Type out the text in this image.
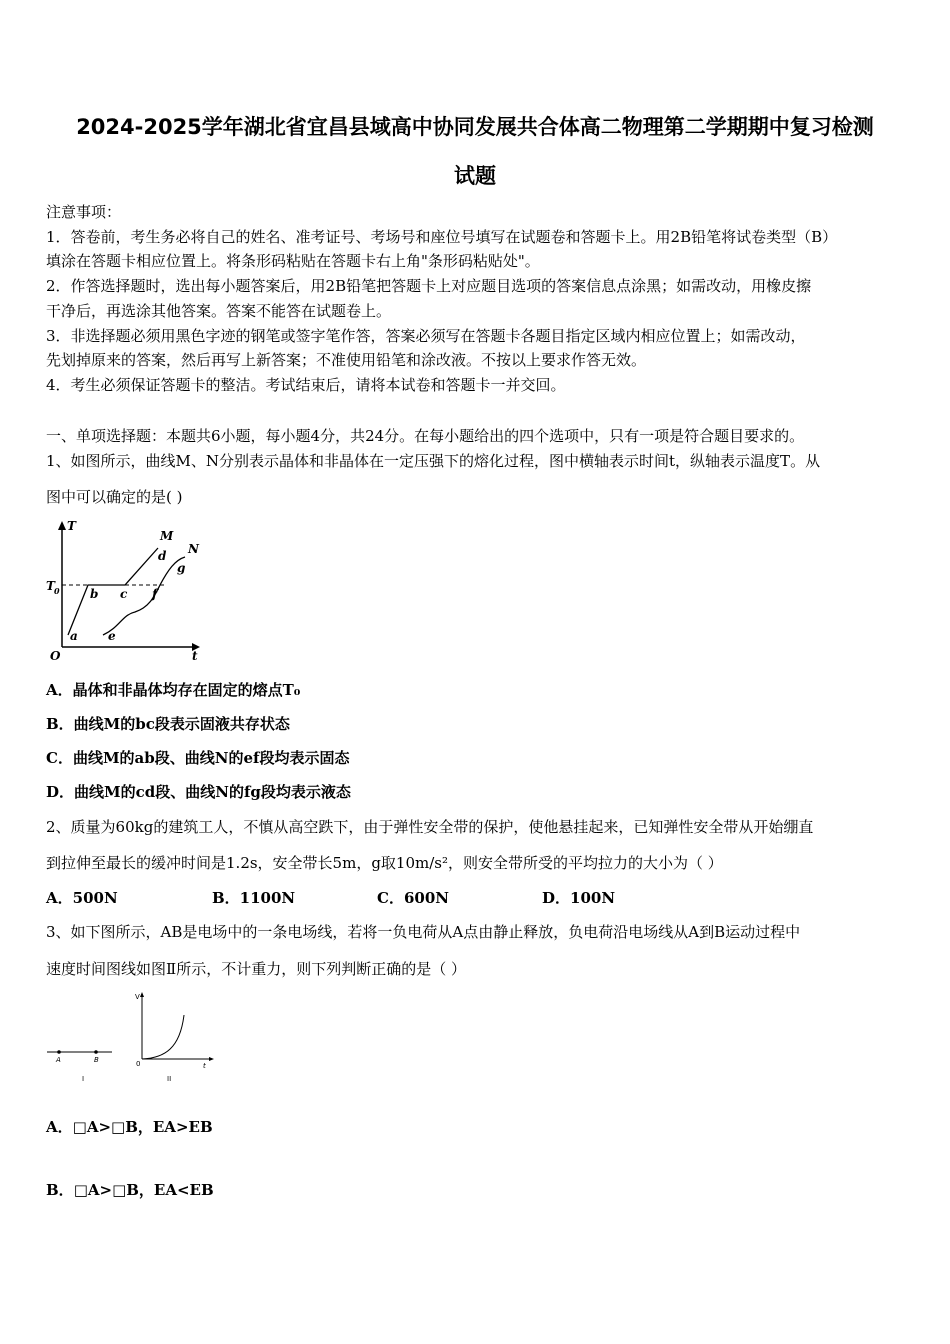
2024-2025学年湖北省宜昌县域高中协同发展共合体高二物理第二学期期中复习检测
试题
注意事项：
1．答卷前，考生务必将自己的姓名、准考证号、考场号和座位号填写在试题卷和答题卡上。用2B铅笔将试卷类型（B）
填涂在答题卡相应位置上。将条形码粘贴在答题卡右上角"条形码粘贴处"。
2．作答选择题时，选出每小题答案后，用2B铅笔把答题卡上对应题目选项的答案信息点涂黑；如需改动，用橡皮擦
干净后，再选涂其他答案。答案不能答在试题卷上。
3．非选择题必须用黑色字迹的钢笔或签字笔作答，答案必须写在答题卡各题目指定区域内相应位置上；如需改动，
先划掉原来的答案，然后再写上新答案；不准使用铅笔和涂改液。不按以上要求作答无效。
4．考生必须保证答题卡的整洁。考试结束后，请将本试卷和答题卡一并交回。
一、单项选择题：本题共6小题，每小题4分，共24分。在每小题给出的四个选项中，只有一项是符合题目要求的。
1、如图所示，曲线M、N分别表示晶体和非晶体在一定压强下的熔化过程，图中横轴表示时间t，纵轴表示温度T。从
图中可以确定的是( )
T
T 0
O	t
M
N
a
b c
d
e
f
g
A．晶体和非晶体均存在固定的熔点T₀
B．曲线M的bc段表示固液共存状态
C．曲线M的ab段、曲线N的ef段均表示固态
D．曲线M的cd段、曲线N的fg段均表示液态
2、质量为60kg的建筑工人，不慎从高空跌下，由于弹性安全带的保护，使他悬挂起来，已知弹性安全带从开始绷直
到拉伸至最长的缓冲时间是1.2s，安全带长5m，g取10m/s²，则安全带所受的平均拉力的大小为（ ）
A．500N	B．1100N	C．600N	D．100N
3、如下图所示，AB是电场中的一条电场线，若将一负电荷从A点由静止释放，负电荷沿电场线从A到B运动过程中
速度时间图线如图Ⅱ所示，不计重力，则下列判断正确的是（ ）
A	B
I
V
0	t
II
A．□A>□B，EA>EB
B．□A>□B，EA<EB
